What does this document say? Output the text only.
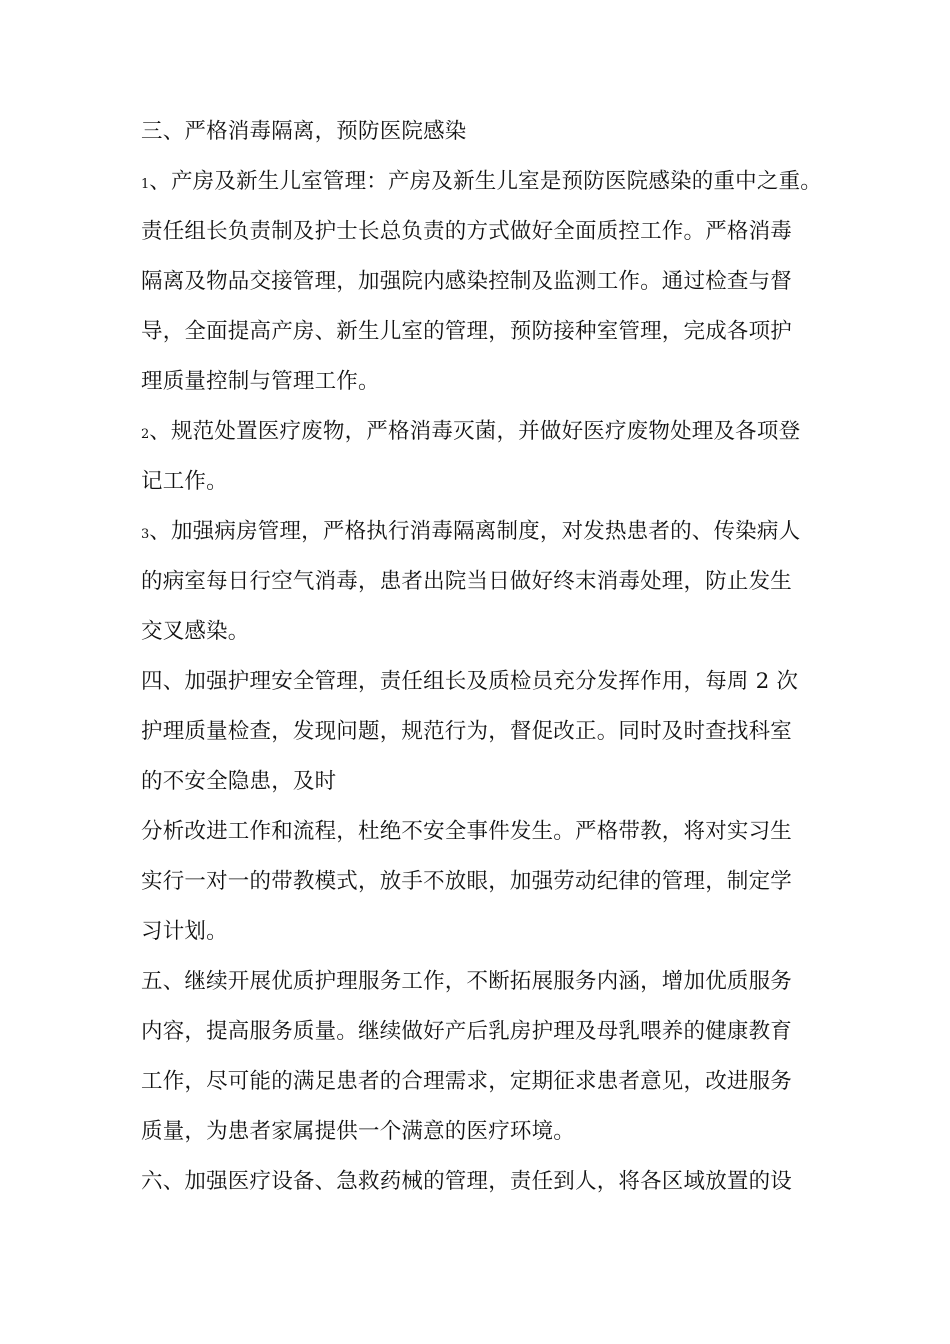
三、严格消毒隔离，预防医院感染
1、产房及新生儿室管理：产房及新生儿室是预防医院感染的重中之重。
责任组长负责制及护士长总负责的方式做好全面质控工作。严格消毒
隔离及物品交接管理，加强院内感染控制及监测工作。通过检查与督
导，全面提高产房、新生儿室的管理，预防接种室管理，完成各项护
理质量控制与管理工作。
2、规范处置医疗废物，严格消毒灭菌，并做好医疗废物处理及各项登
记工作。
3、加强病房管理，严格执行消毒隔离制度，对发热患者的、传染病人
的病室每日行空气消毒，患者出院当日做好终末消毒处理，防止发生
交叉感染。
四、加强护理安全管理，责任组长及质检员充分发挥作用，每周 2 次
护理质量检查，发现问题，规范行为，督促改正。同时及时查找科室
的不安全隐患，及时
分析改进工作和流程，杜绝不安全事件发生。严格带教，将对实习生
实行一对一的带教模式，放手不放眼，加强劳动纪律的管理，制定学
习计划。
五、继续开展优质护理服务工作，不断拓展服务内涵，增加优质服务
内容，提高服务质量。继续做好产后乳房护理及母乳喂养的健康教育
工作，尽可能的满足患者的合理需求，定期征求患者意见，改进服务
质量，为患者家属提供一个满意的医疗环境。
六、加强医疗设备、急救药械的管理，责任到人，将各区域放置的设
